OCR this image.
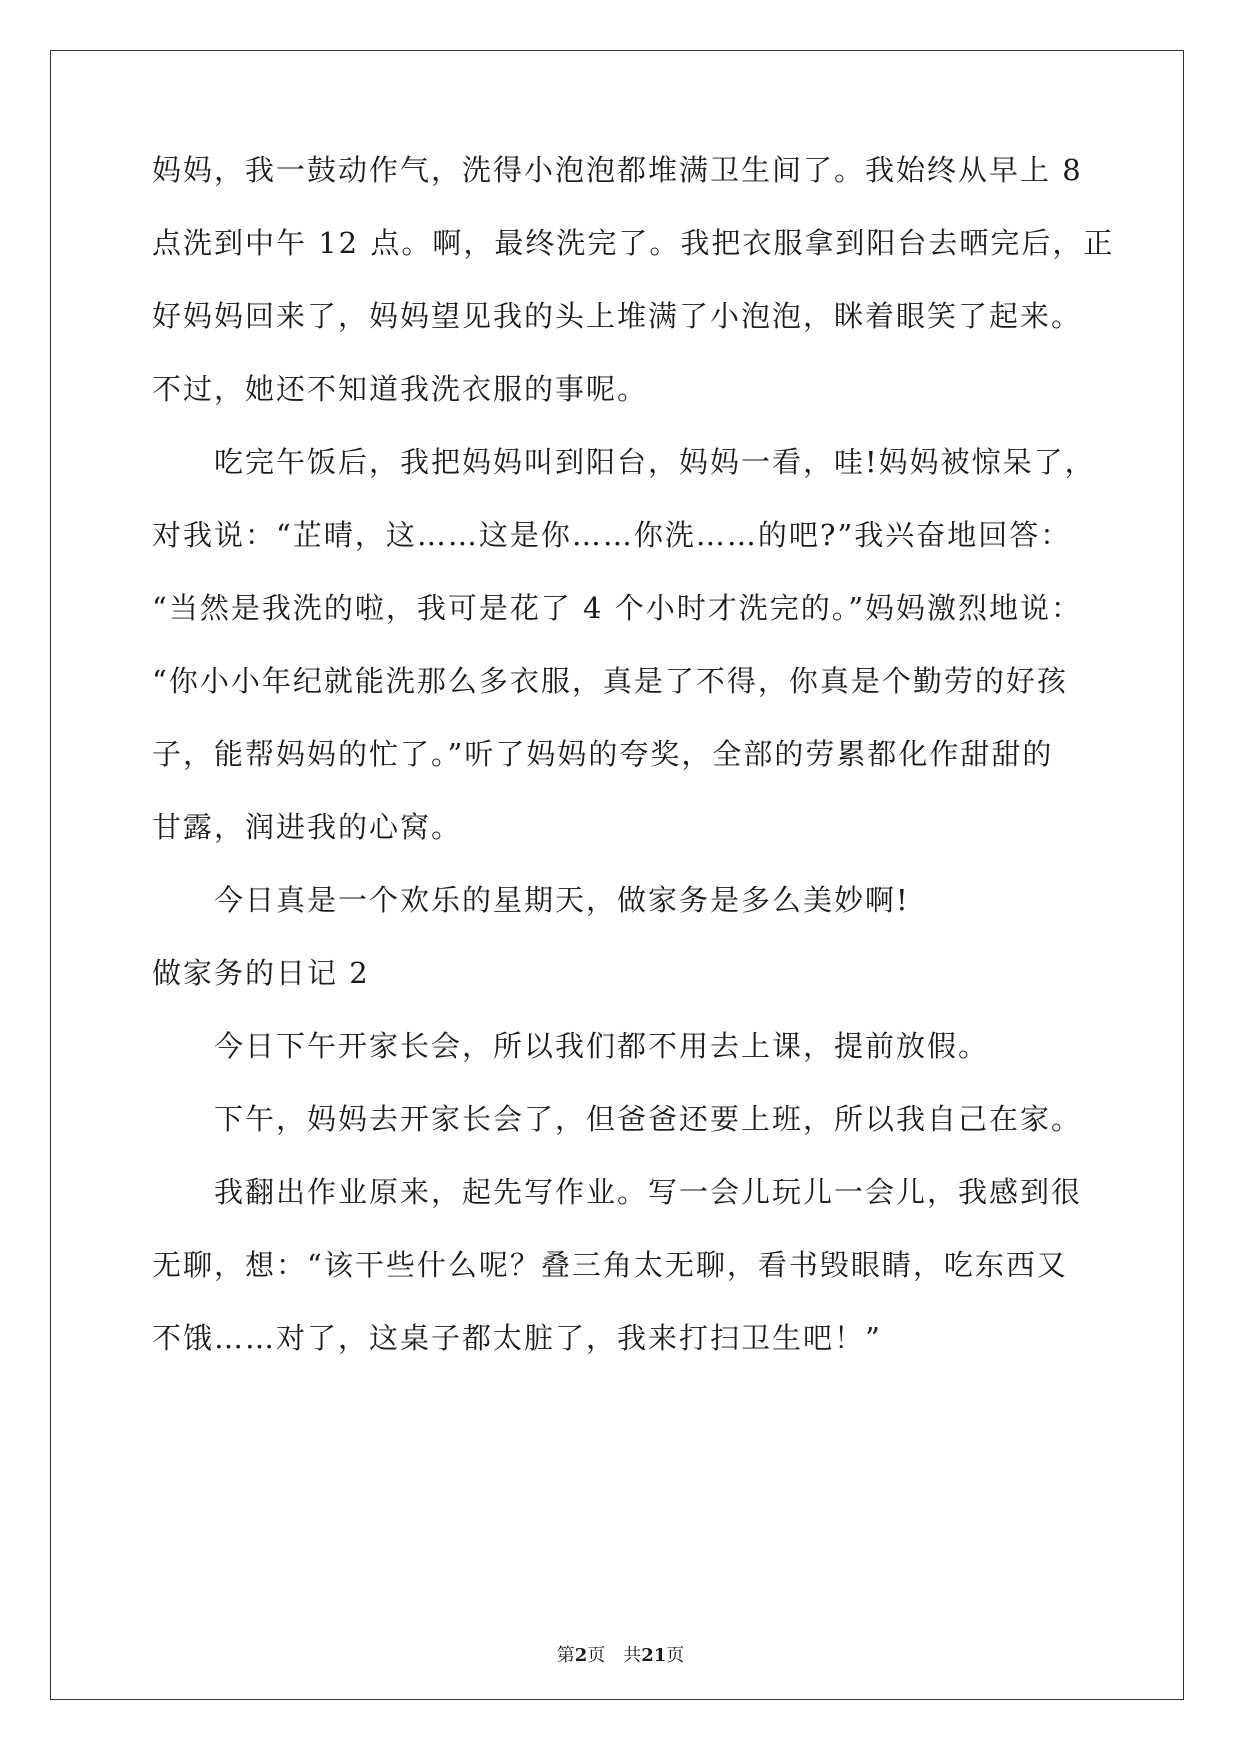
妈妈，我一鼓动作气，洗得小泡泡都堆满卫生间了。我始终从早上 8
点洗到中午 12 点。啊，最终洗完了。我把衣服拿到阳台去晒完后，正
好妈妈回来了，妈妈望见我的头上堆满了小泡泡，眯着眼笑了起来。
不过，她还不知道我洗衣服的事呢。
吃完午饭后，我把妈妈叫到阳台，妈妈一看，哇!妈妈被惊呆了，
对我说：“芷晴，这……这是你……你洗……的吧?”我兴奋地回答：
“当然是我洗的啦，我可是花了 4 个小时才洗完的。”妈妈激烈地说：
“你小小年纪就能洗那么多衣服，真是了不得，你真是个勤劳的好孩
子，能帮妈妈的忙了。”听了妈妈的夸奖，全部的劳累都化作甜甜的
甘露，润进我的心窝。
今日真是一个欢乐的星期天，做家务是多么美妙啊!
做家务的日记 2
今日下午开家长会，所以我们都不用去上课，提前放假。
下午，妈妈去开家长会了，但爸爸还要上班，所以我自己在家。
我翻出作业原来，起先写作业。写一会儿玩儿一会儿，我感到很
无聊，想：“该干些什么呢？叠三角太无聊，看书毁眼睛，吃东西又
不饿……对了，这桌子都太脏了，我来打扫卫生吧！”
第2页 共21页
